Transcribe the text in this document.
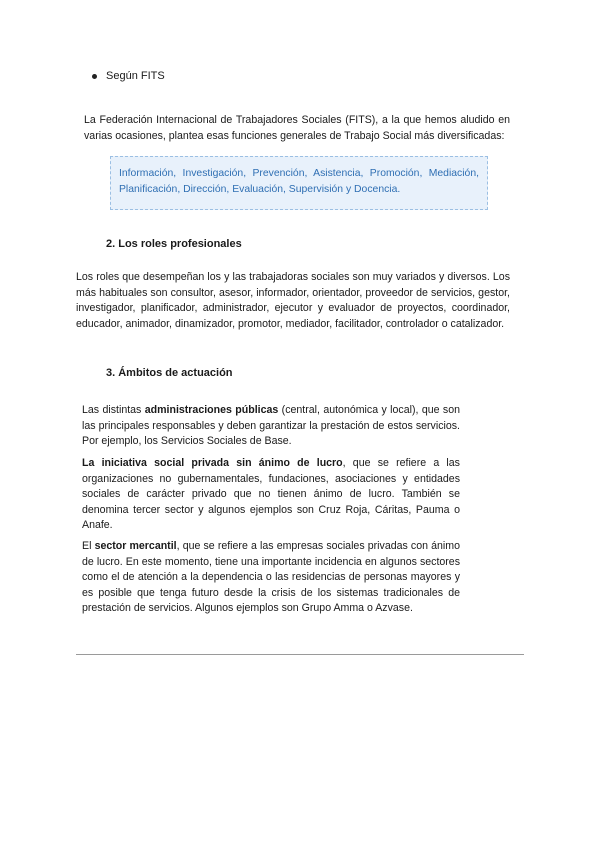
Según FITS
La Federación Internacional de Trabajadores Sociales (FITS), a la que hemos aludido en varias ocasiones, plantea esas funciones generales de Trabajo Social más diversificadas:
Información, Investigación, Prevención, Asistencia, Promoción, Mediación, Planificación, Dirección, Evaluación, Supervisión y Docencia.
2. Los roles profesionales
Los roles que desempeñan los y las trabajadoras sociales son muy variados y diversos. Los más habituales son consultor, asesor, informador, orientador, proveedor de servicios, gestor, investigador, planificador, administrador, ejecutor y evaluador de proyectos, coordinador, educador, animador, dinamizador, promotor, mediador, facilitador, controlador o catalizador.
3. Ámbitos de actuación
Las distintas administraciones públicas (central, autonómica y local), que son las principales responsables y deben garantizar la prestación de estos servicios. Por ejemplo, los Servicios Sociales de Base.
La iniciativa social privada sin ánimo de lucro, que se refiere a las organizaciones no gubernamentales, fundaciones, asociaciones y entidades sociales de carácter privado que no tienen ánimo de lucro. También se denomina tercer sector y algunos ejemplos son Cruz Roja, Cáritas, Pauma o Anafe.
El sector mercantil, que se refiere a las empresas sociales privadas con ánimo de lucro. En este momento, tiene una importante incidencia en algunos sectores como el de atención a la dependencia o las residencias de personas mayores y es posible que tenga futuro desde la crisis de los sistemas tradicionales de prestación de servicios. Algunos ejemplos son Grupo Amma o Azvase.
